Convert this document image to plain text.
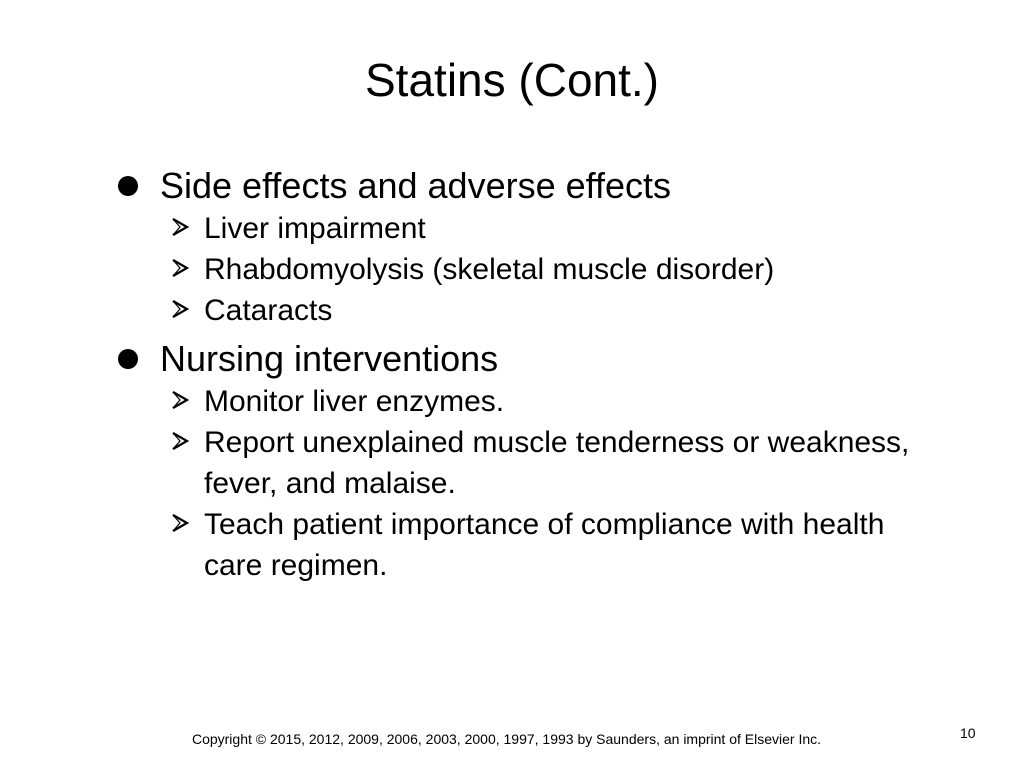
Statins (Cont.)
Side effects and adverse effects
Liver impairment
Rhabdomyolysis (skeletal muscle disorder)
Cataracts
Nursing interventions
Monitor liver enzymes.
Report unexplained muscle tenderness or weakness, fever, and malaise.
Teach patient importance of compliance with health care regimen.
Copyright © 2015, 2012, 2009, 2006, 2003, 2000, 1997, 1993 by Saunders, an imprint of Elsevier Inc.	10
